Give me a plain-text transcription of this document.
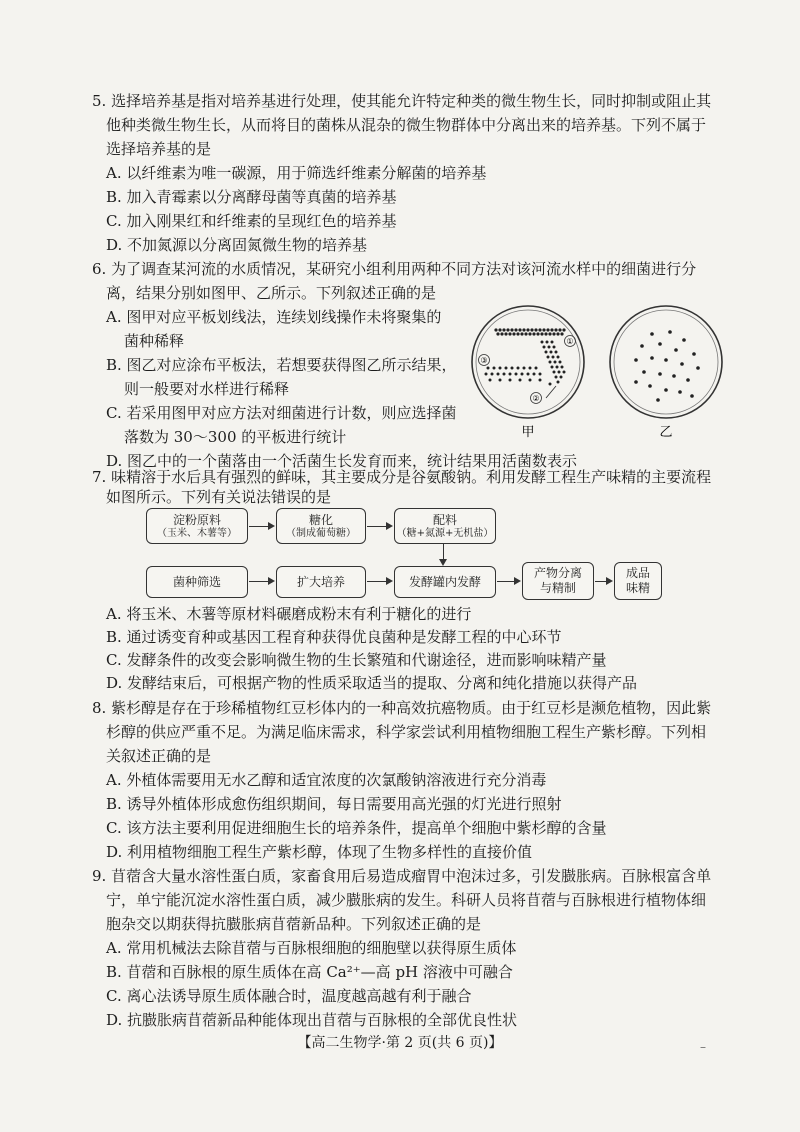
5. 选择培养基是指对培养基进行处理，使其能允许特定种类的微生物生长，同时抑制或阻止其
他种类微生物生长，从而将目的菌株从混杂的微生物群体中分离出来的培养基。下列不属于
选择培养基的是
A. 以纤维素为唯一碳源，用于筛选纤维素分解菌的培养基
B. 加入青霉素以分离酵母菌等真菌的培养基
C. 加入刚果红和纤维素的呈现红色的培养基
D. 不加氮源以分离固氮微生物的培养基
6. 为了调查某河流的水质情况，某研究小组利用两种不同方法对该河流水样中的细菌进行分
离，结果分别如图甲、乙所示。下列叙述正确的是
A. 图甲对应平板划线法，连续划线操作未将聚集的
菌种稀释
B. 图乙对应涂布平板法，若想要获得图乙所示结果，
则一般要对水样进行稀释
C. 若采用图甲对应方法对细菌进行计数，则应选择菌
落数为 30～300 的平板进行统计
D. 图乙中的一个菌落由一个活菌生长发育而来，统计结果用活菌数表示
①
③
②
甲	乙
7. 味精溶于水后具有强烈的鲜味，其主要成分是谷氨酸钠。利用发酵工程生产味精的主要流程
如图所示。下列有关说法错误的是
淀粉原料
（玉米、木薯等）
糖化
（制成葡萄糖）
配料
（糖+氮源+无机盐）
菌种筛选	扩大培养	发酵罐内发酵
产物分离
与精制
成品
味精
A. 将玉米、木薯等原材料碾磨成粉末有利于糖化的进行
B. 通过诱变育种或基因工程育种获得优良菌种是发酵工程的中心环节
C. 发酵条件的改变会影响微生物的生长繁殖和代谢途径，进而影响味精产量
D. 发酵结束后，可根据产物的性质采取适当的提取、分离和纯化措施以获得产品
8. 紫杉醇是存在于珍稀植物红豆杉体内的一种高效抗癌物质。由于红豆杉是濒危植物，因此紫
杉醇的供应严重不足。为满足临床需求，科学家尝试利用植物细胞工程生产紫杉醇。下列相
关叙述正确的是
A. 外植体需要用无水乙醇和适宜浓度的次氯酸钠溶液进行充分消毒
B. 诱导外植体形成愈伤组织期间，每日需要用高光强的灯光进行照射
C. 该方法主要利用促进细胞生长的培养条件，提高单个细胞中紫杉醇的含量
D. 利用植物细胞工程生产紫杉醇，体现了生物多样性的直接价值
9. 苜蓿含大量水溶性蛋白质，家畜食用后易造成瘤胃中泡沫过多，引发臌胀病。百脉根富含单
宁，单宁能沉淀水溶性蛋白质，减少臌胀病的发生。科研人员将苜蓿与百脉根进行植物体细
胞杂交以期获得抗臌胀病苜蓿新品种。下列叙述正确的是
A. 常用机械法去除苜蓿与百脉根细胞的细胞壁以获得原生质体
B. 苜蓿和百脉根的原生质体在高 Ca²⁺—高 pH 溶液中可融合
C. 离心法诱导原生质体融合时，温度越高越有利于融合
D. 抗臌胀病苜蓿新品种能体现出苜蓿与百脉根的全部优良性状
【高二生物学·第 2 页(共 6 页)】	–
